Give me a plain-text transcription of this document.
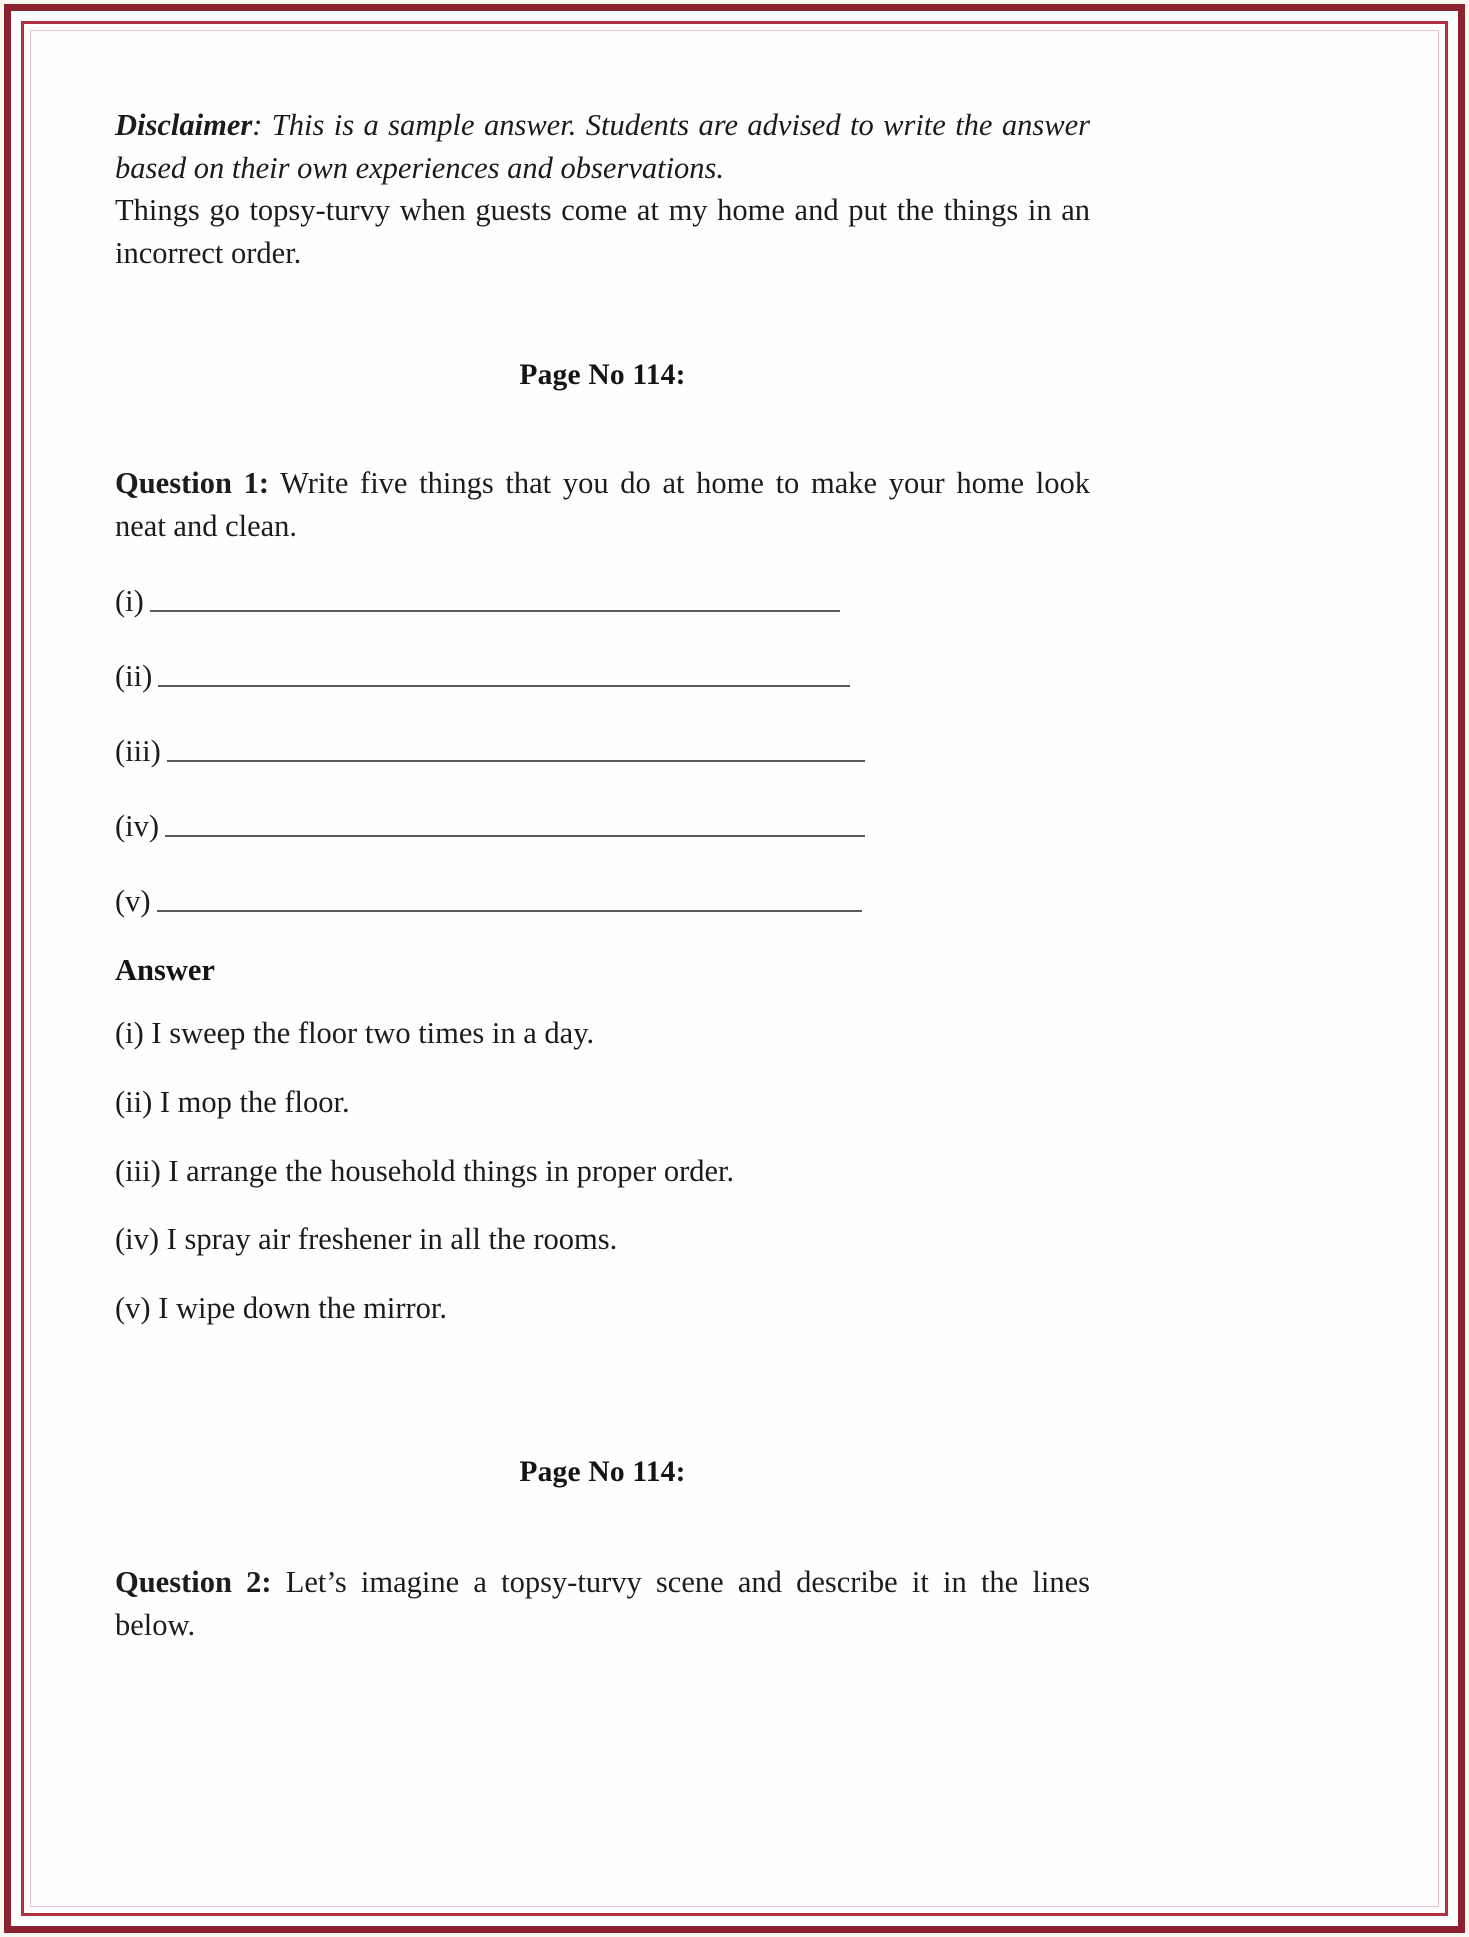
Disclaimer: This is a sample answer. Students are advised to write the answer based on their own experiences and observations.

Things go topsy-turvy when guests come at my home and put the things in an incorrect order.

Page No 114:

Question 1: Write five things that you do at home to make your home look neat and clean.

(i)
(ii)
(iii)
(iv)
(v)
Answer
(i) I sweep the floor two times in a day.
(ii) I mop the floor.
(iii) I arrange the household things in proper order.
(iv) I spray air freshener in all the rooms.
(v) I wipe down the mirror.
Page No 114:

Question 2: Let’s imagine a topsy-turvy scene and describe it in the lines below.
